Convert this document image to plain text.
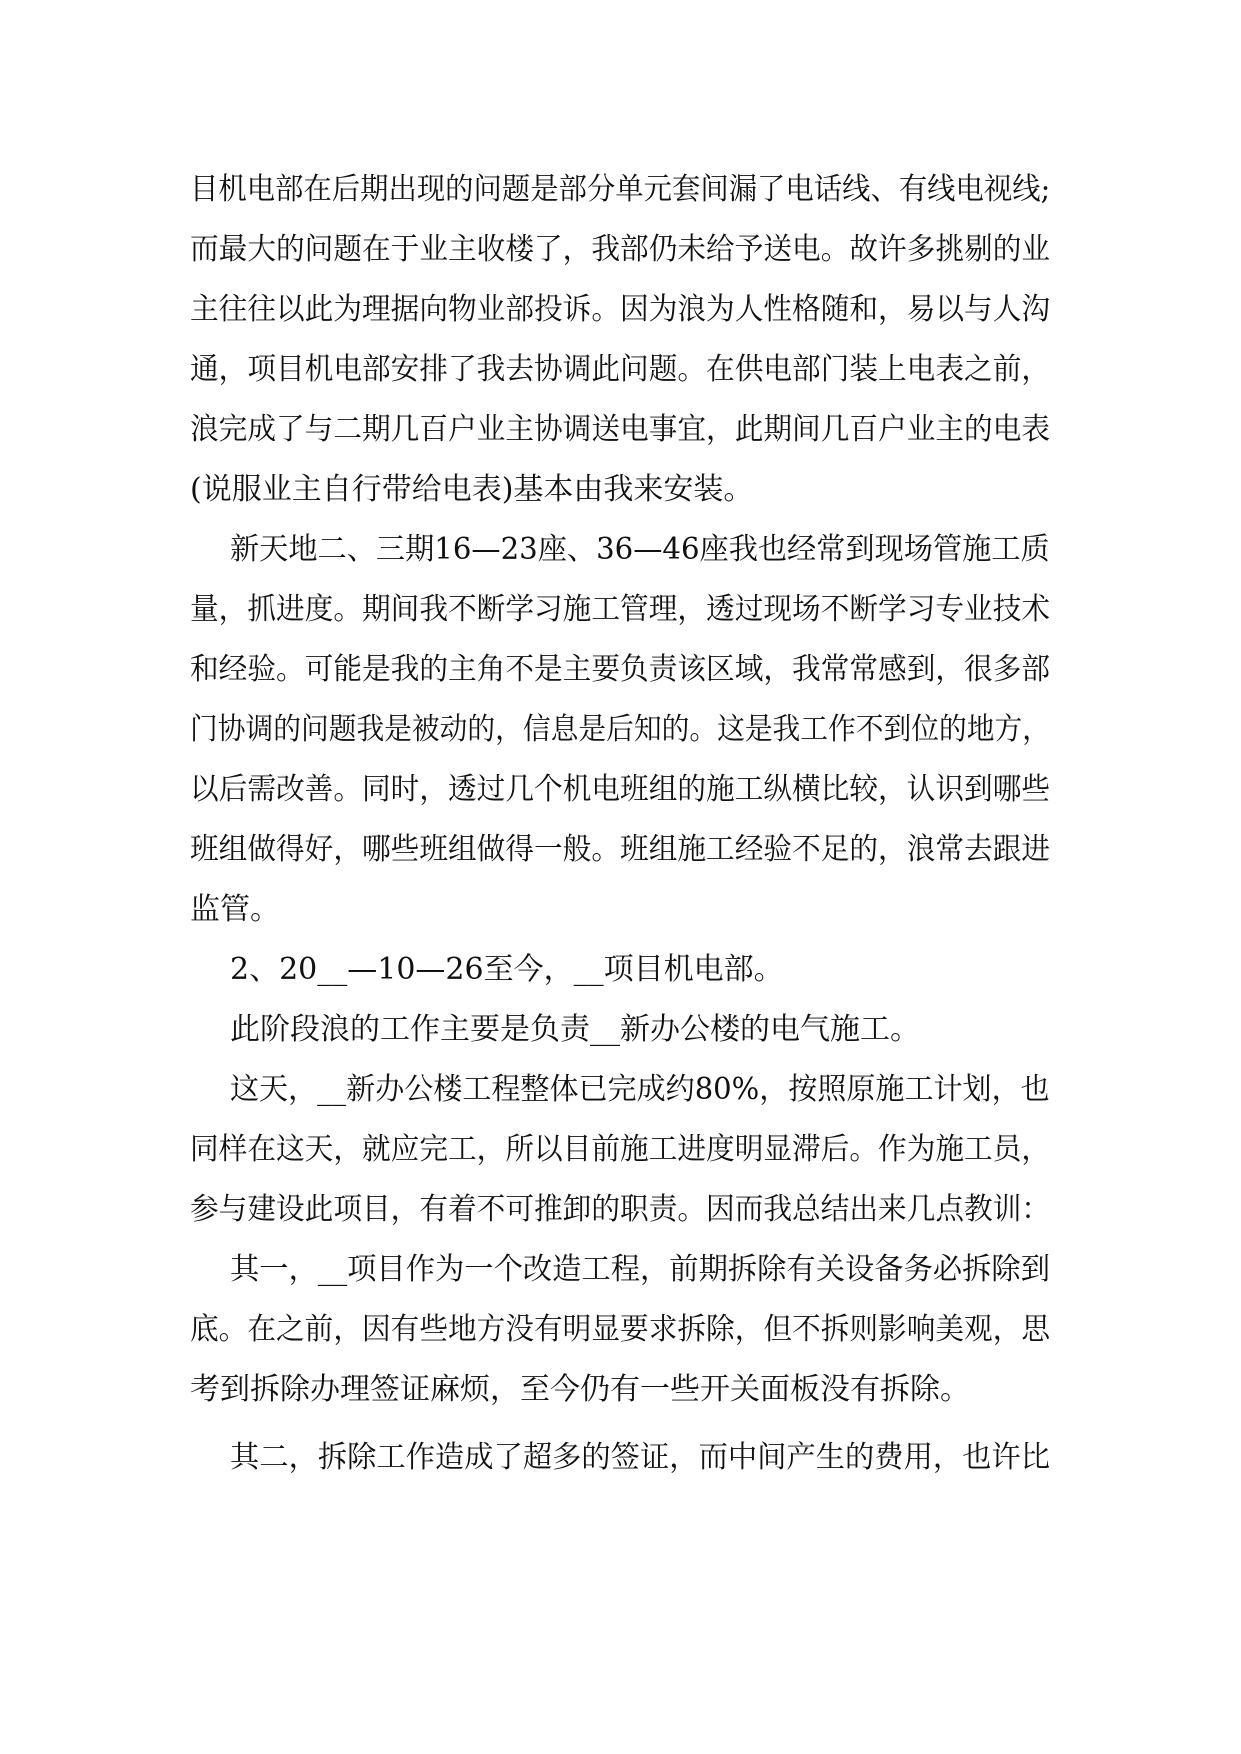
目机电部在后期出现的问题是部分单元套间漏了电话线、有线电视线;
而最大的问题在于业主收楼了，我部仍未给予送电。故许多挑剔的业
主往往以此为理据向物业部投诉。因为浪为人性格随和，易以与人沟
通，项目机电部安排了我去协调此问题。在供电部门装上电表之前，
浪完成了与二期几百户业主协调送电事宜，此期间几百户业主的电表
(说服业主自行带给电表)基本由我来安装。
新天地二、三期16—23座、36—46座我也经常到现场管施工质
量，抓进度。期间我不断学习施工管理，透过现场不断学习专业技术
和经验。可能是我的主角不是主要负责该区域，我常常感到，很多部
门协调的问题我是被动的，信息是后知的。这是我工作不到位的地方，
以后需改善。同时，透过几个机电班组的施工纵横比较，认识到哪些
班组做得好，哪些班组做得一般。班组施工经验不足的，浪常去跟进
监管。
2、20__—10—26至今，__项目机电部。
此阶段浪的工作主要是负责__新办公楼的电气施工。
这天，__新办公楼工程整体已完成约80%，按照原施工计划，也
同样在这天，就应完工，所以目前施工进度明显滞后。作为施工员，
参与建设此项目，有着不可推卸的职责。因而我总结出来几点教训：
其一，__项目作为一个改造工程，前期拆除有关设备务必拆除到
底。在之前，因有些地方没有明显要求拆除，但不拆则影响美观，思
考到拆除办理签证麻烦，至今仍有一些开关面板没有拆除。
其二，拆除工作造成了超多的签证，而中间产生的费用，也许比
